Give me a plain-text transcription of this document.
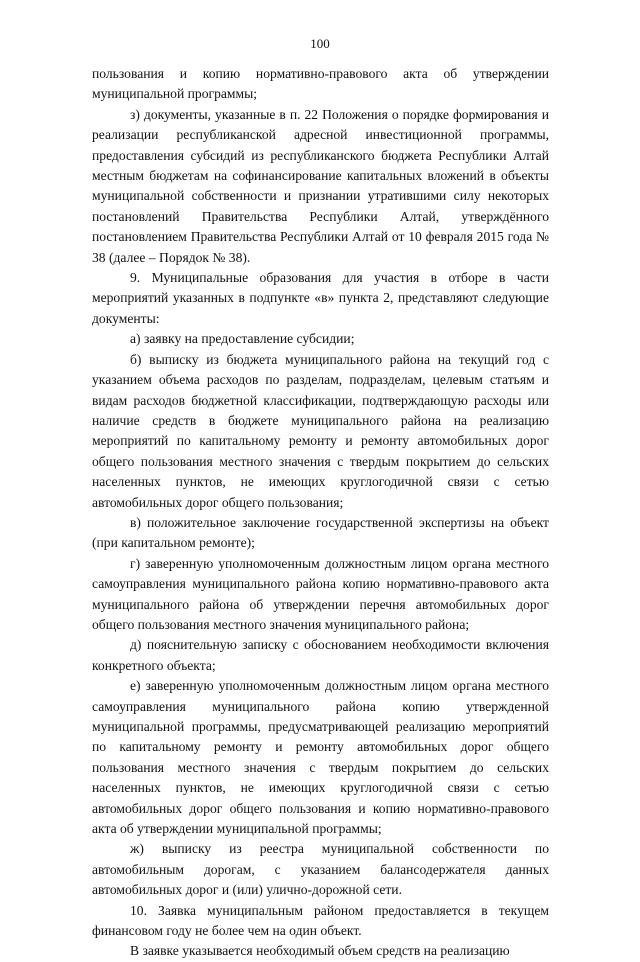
100

пользования и копию нормативно-правового акта об утверждении муниципальной программы;

з) документы, указанные в п. 22 Положения о порядке формирования и реализации республиканской адресной инвестиционной программы, предоставления субсидий из республиканского бюджета Республики Алтай местным бюджетам на софинансирование капитальных вложений в объекты муниципальной собственности и признании утратившими силу некоторых постановлений Правительства Республики Алтай, утверждённого постановлением Правительства Республики Алтай от 10 февраля 2015 года № 38 (далее – Порядок № 38).

9. Муниципальные образования для участия в отборе в части мероприятий указанных в подпункте «в» пункта 2, представляют следующие документы:

а) заявку на предоставление субсидии;

б) выписку из бюджета муниципального района на текущий год с указанием объема расходов по разделам, подразделам, целевым статьям и видам расходов бюджетной классификации, подтверждающую расходы или наличие средств в бюджете муниципального района на реализацию мероприятий по капитальному ремонту и ремонту автомобильных дорог общего пользования местного значения с твердым покрытием до сельских населенных пунктов, не имеющих круглогодичной связи с сетью автомобильных дорог общего пользования;

в) положительное заключение государственной экспертизы на объект (при капитальном ремонте);

г) заверенную уполномоченным должностным лицом органа местного самоуправления муниципального района копию нормативно-правового акта муниципального района об утверждении перечня автомобильных дорог общего пользования местного значения муниципального района;

д) пояснительную записку с обоснованием необходимости включения конкретного объекта;

е) заверенную уполномоченным должностным лицом органа местного самоуправления муниципального района копию утвержденной муниципальной программы, предусматривающей реализацию мероприятий по капитальному ремонту и ремонту автомобильных дорог общего пользования местного значения с твердым покрытием до сельских населенных пунктов, не имеющих круглогодичной связи с сетью автомобильных дорог общего пользования и копию нормативно-правового акта об утверждении муниципальной программы;

ж) выписку из реестра муниципальной собственности по автомобильным дорогам, с указанием балансодержателя данных автомобильных дорог и (или) улично-дорожной сети.

10. Заявка муниципальным районом предоставляется в текущем финансовом году не более чем на один объект.

В заявке указывается необходимый объем средств на реализацию
